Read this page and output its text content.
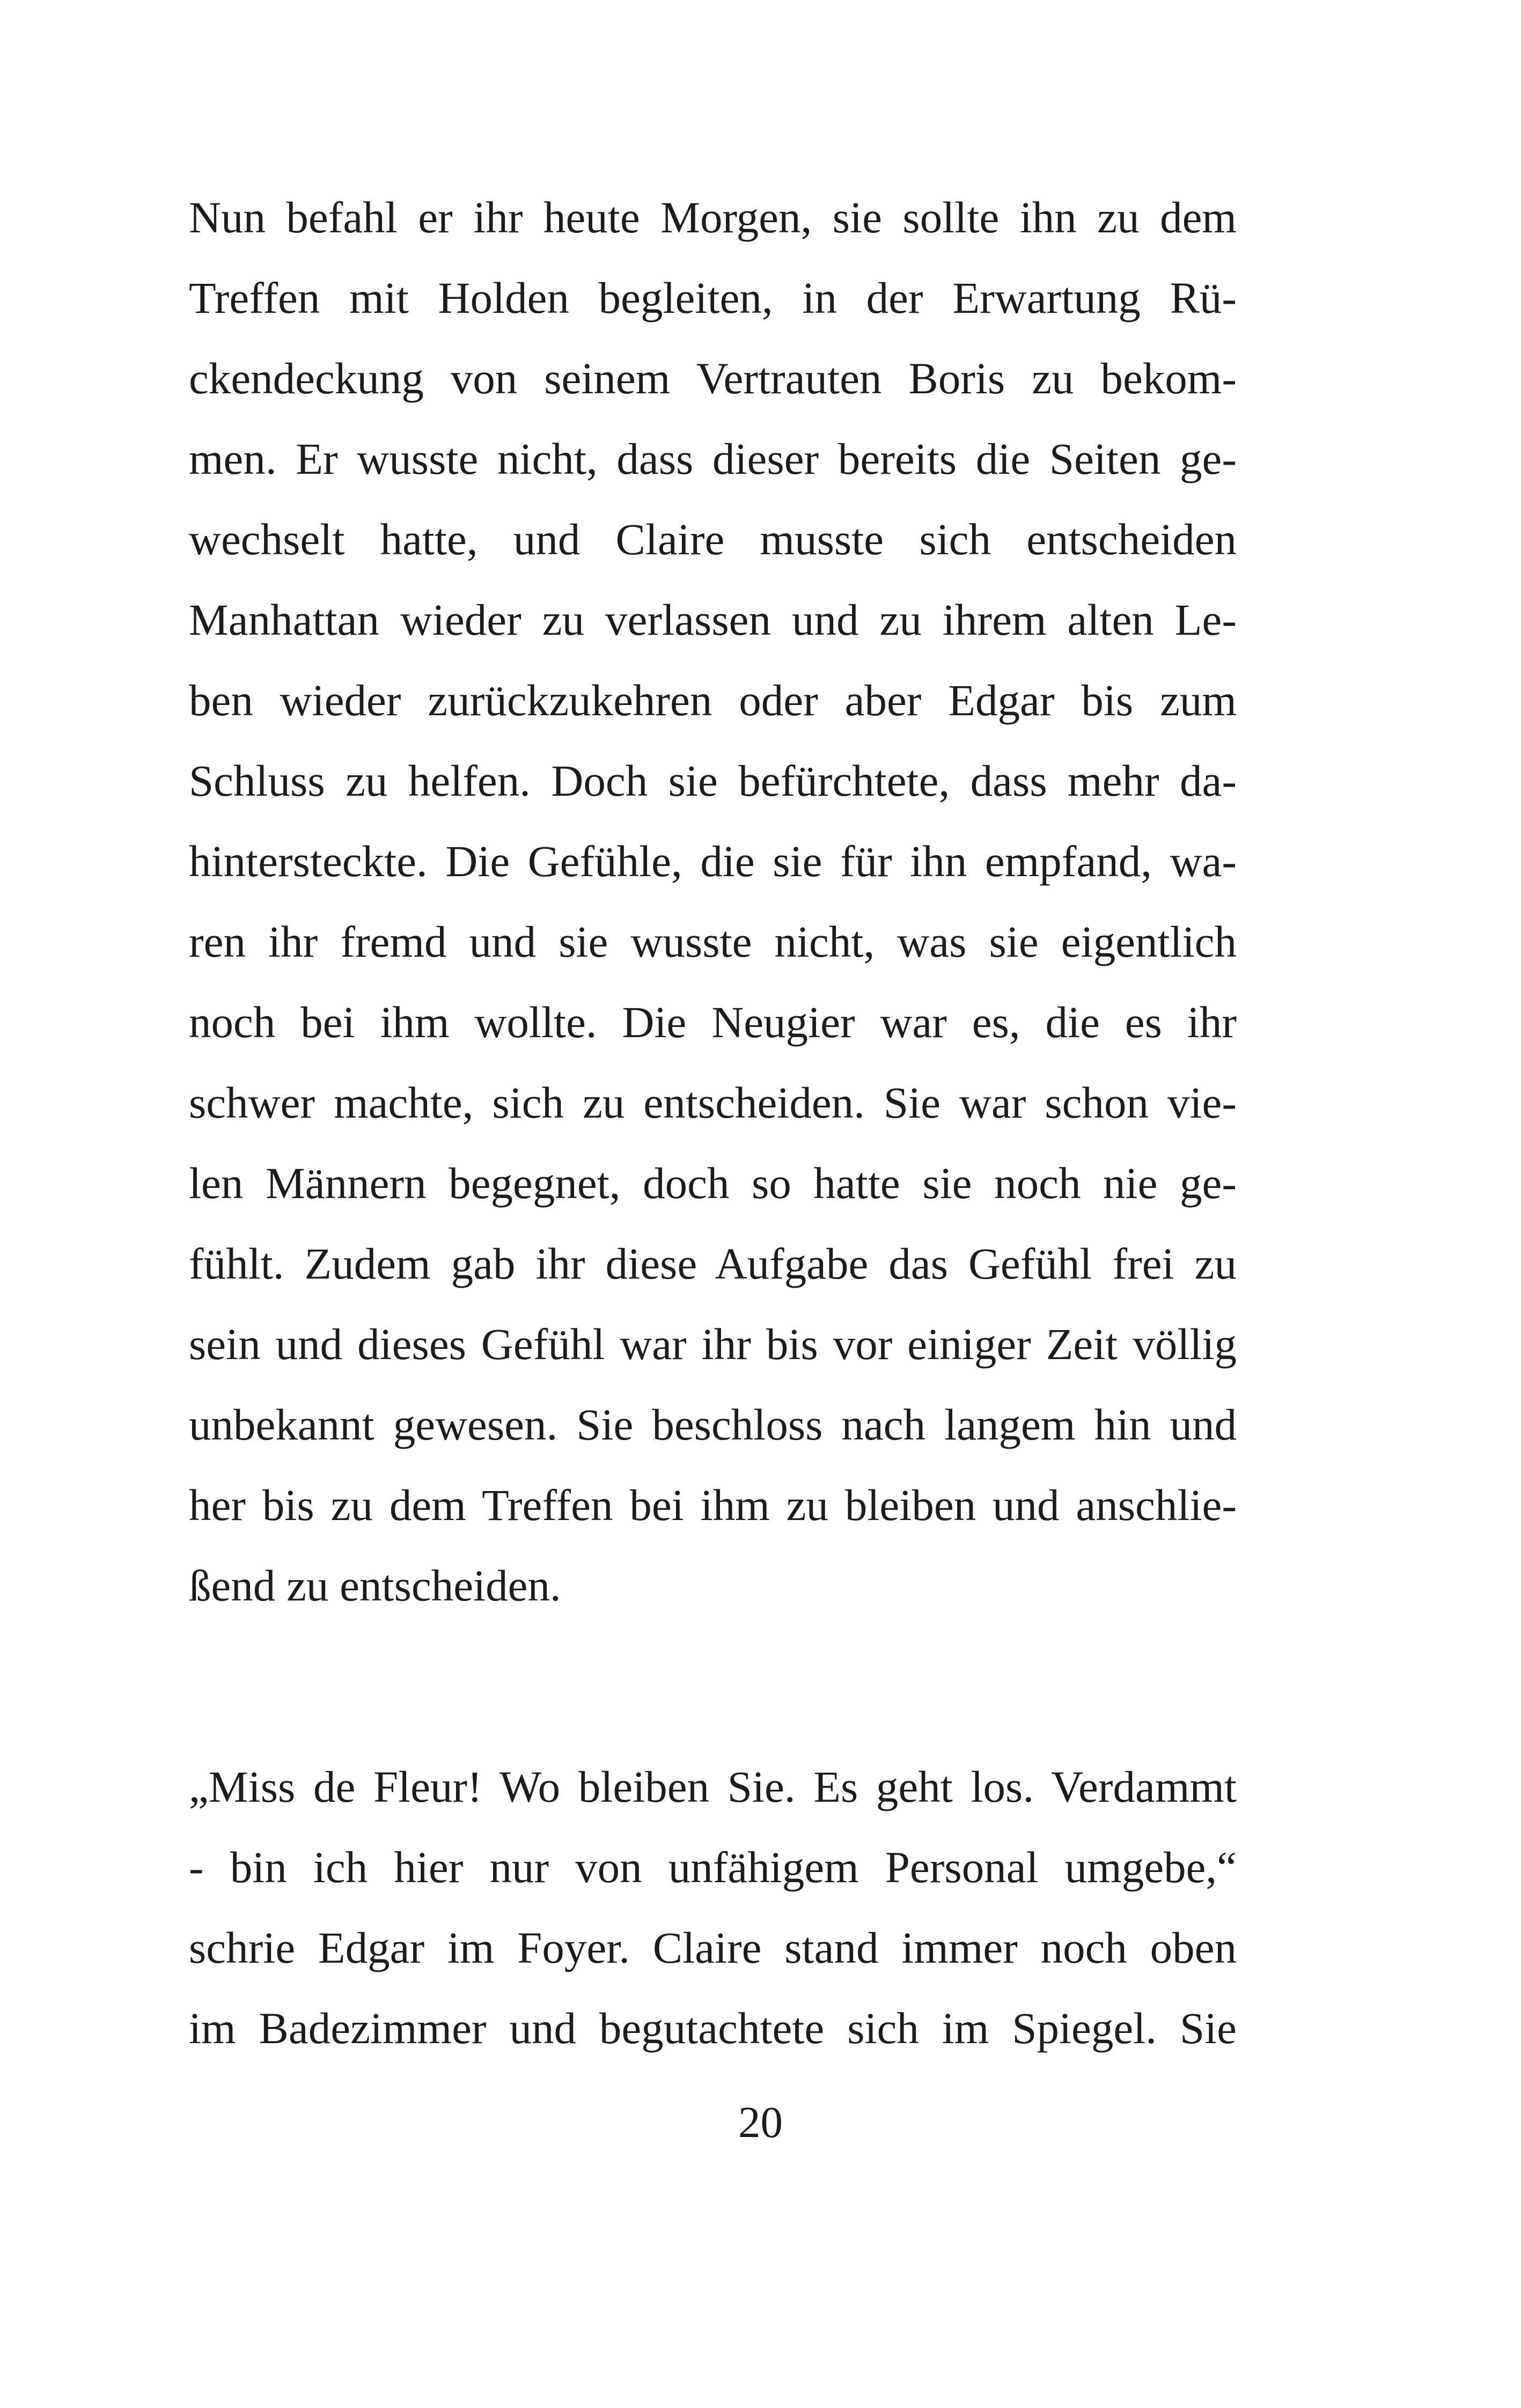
Nun befahl er ihr heute Morgen, sie sollte ihn zu dem
Treffen mit Holden begleiten, in der Erwartung Rü-
ckendeckung von seinem Vertrauten Boris zu bekom-
men. Er wusste nicht, dass dieser bereits die Seiten ge-
wechselt hatte, und Claire musste sich entscheiden
Manhattan wieder zu verlassen und zu ihrem alten Le-
ben wieder zurückzukehren oder aber Edgar bis zum
Schluss zu helfen. Doch sie befürchtete, dass mehr da-
hintersteckte. Die Gefühle, die sie für ihn empfand, wa-
ren ihr fremd und sie wusste nicht, was sie eigentlich
noch bei ihm wollte. Die Neugier war es, die es ihr
schwer machte, sich zu entscheiden. Sie war schon vie-
len Männern begegnet, doch so hatte sie noch nie ge-
fühlt. Zudem gab ihr diese Aufgabe das Gefühl frei zu
sein und dieses Gefühl war ihr bis vor einiger Zeit völlig
unbekannt gewesen. Sie beschloss nach langem hin und
her bis zu dem Treffen bei ihm zu bleiben und anschlie-
ßend zu entscheiden.
„Miss de Fleur! Wo bleiben Sie. Es geht los. Verdammt
- bin ich hier nur von unfähigem Personal umgebe,“
schrie Edgar im Foyer. Claire stand immer noch oben
im Badezimmer und begutachtete sich im Spiegel. Sie
20
